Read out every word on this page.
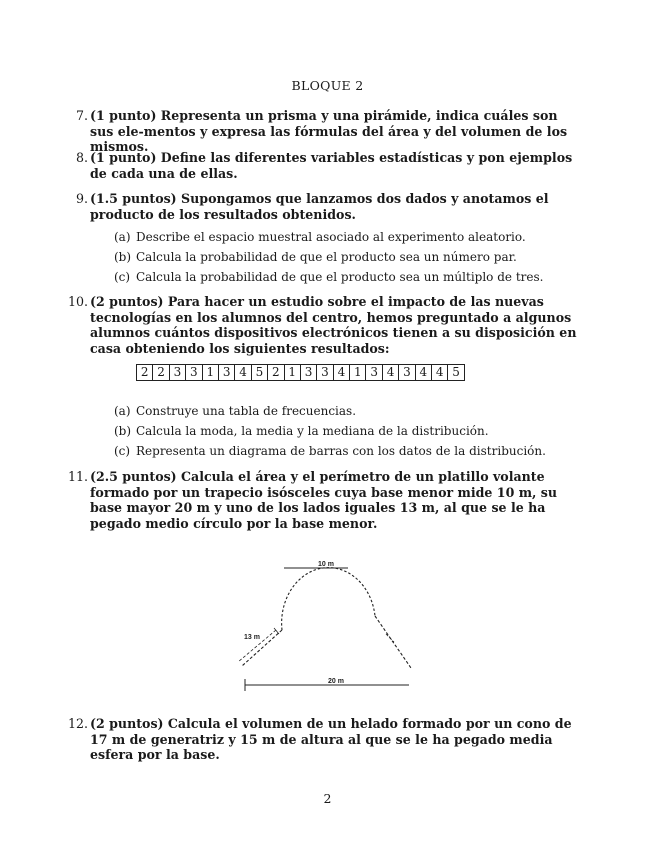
BLOQUE 2
7. (1 punto) Representa un prisma y una pirámide, indica cuáles son sus ele-mentos y expresa las fórmulas del área y del volumen de los mismos.
8. (1 punto) Define las diferentes variables estadísticas y pon ejemplos de cada una de ellas.
9. (1.5 puntos) Supongamos que lanzamos dos dados y anotamos el producto de los resultados obtenidos.
(a) Describe el espacio muestral asociado al experimento aleatorio.
(b) Calcula la probabilidad de que el producto sea un número par.
(c) Calcula la probabilidad de que el producto sea un múltiplo de tres.
10. (2 puntos) Para hacer un estudio sobre el impacto de las nuevas tecnologías en los alumnos del centro, hemos preguntado a algunos alumnos cuántos dispositivos electrónicos tienen a su disposición en casa obteniendo los siguientes resultados:
2	2	3	3	1	3	4	5	2	1	3	3	4	1	3	4	3	4	4	5
(a) Construye una tabla de frecuencias.
(b) Calcula la moda, la media y la mediana de la distribución.
(c) Representa un diagrama de barras con los datos de la distribución.
11. (2.5 puntos) Calcula el área y el perímetro de un platillo volante formado por un trapecio isósceles cuya base menor mide 10 m, su base mayor 20 m y uno de los lados iguales 13 m, al que se le ha pegado medio círculo por la base menor.
10 m
13 m
20 m
12. (2 puntos) Calcula el volumen de un helado formado por un cono de 17 m de generatriz y 15 m de altura al que se le ha pegado media esfera por la base.
2
